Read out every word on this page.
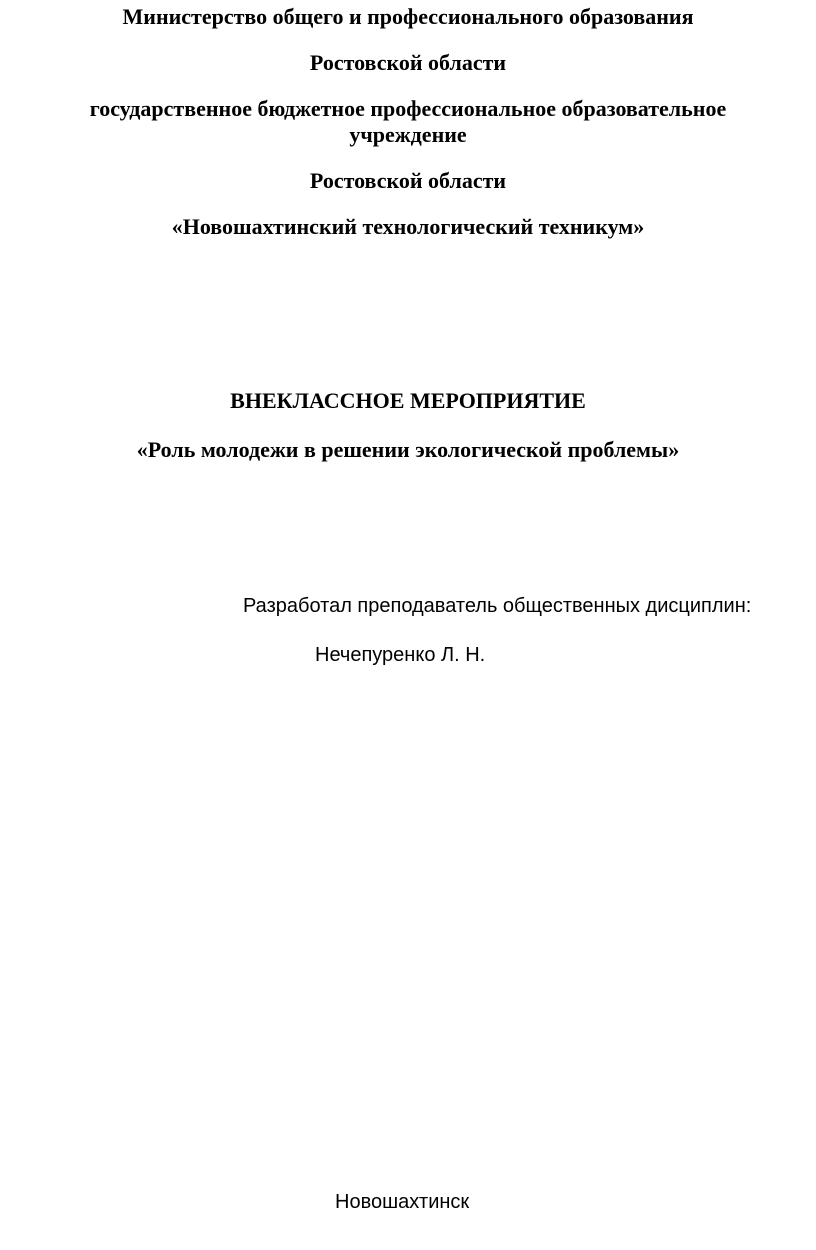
Министерство общего и профессионального образования
Ростовской области
государственное бюджетное профессиональное образовательное учреждение
Ростовской области
«Новошахтинский технологический техникум»
ВНЕКЛАССНОЕ МЕРОПРИЯТИЕ
«Роль молодежи в решении экологической проблемы»
Разработал преподаватель общественных дисциплин:
Нечепуренко Л. Н.
Новошахтинск
